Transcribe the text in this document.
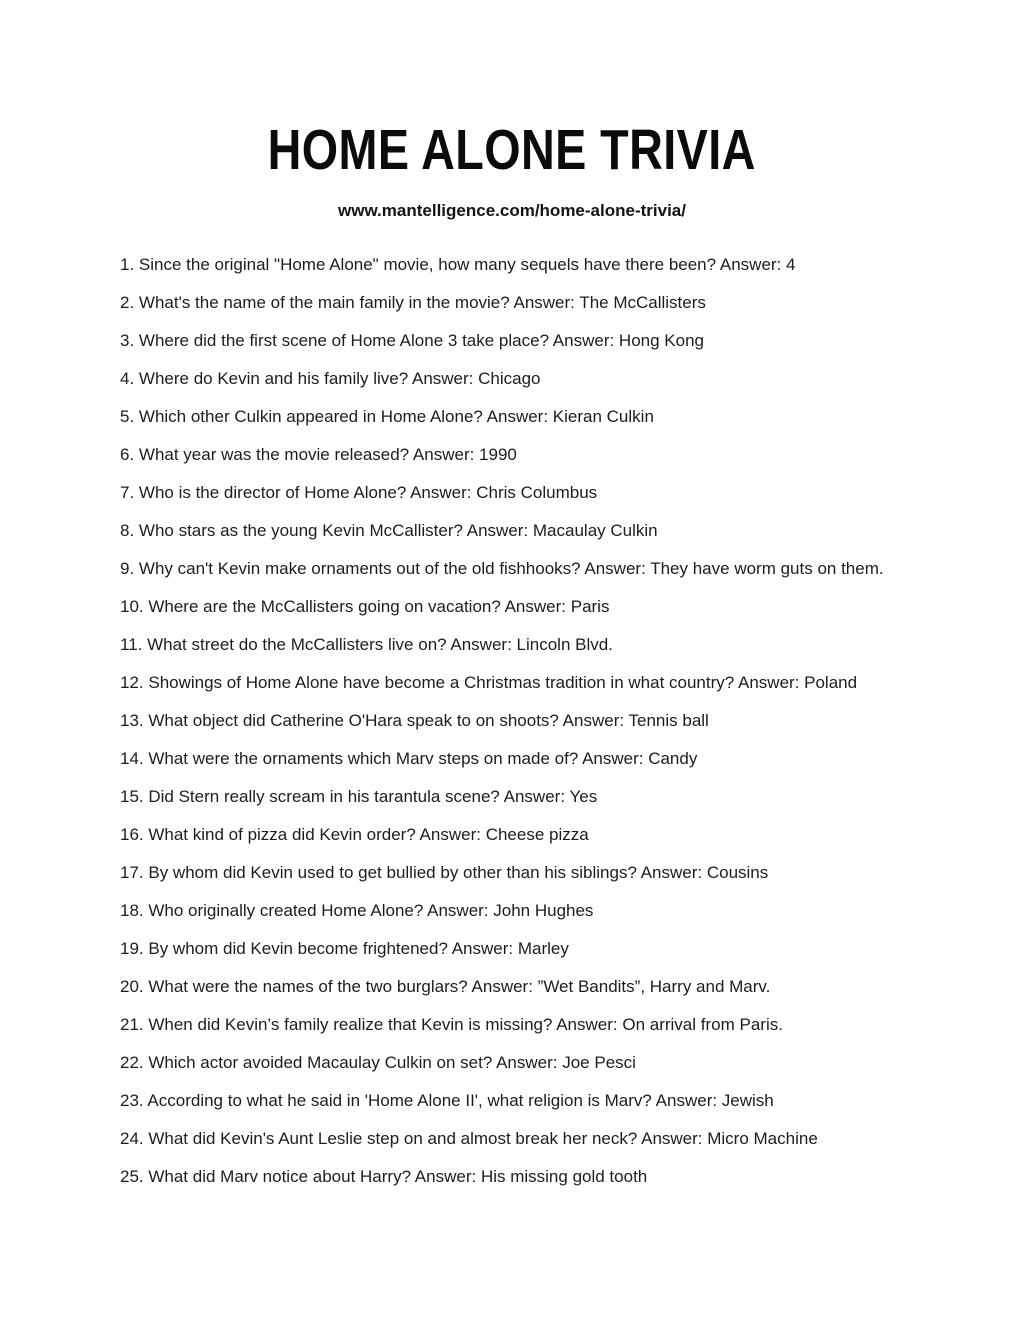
HOME ALONE TRIVIA
www.mantelligence.com/home-alone-trivia/
1. Since the original "Home Alone" movie, how many sequels have there been? Answer: 4
2. What's the name of the main family in the movie? Answer: The McCallisters
3. Where did the first scene of Home Alone 3 take place? Answer: Hong Kong
4. Where do Kevin and his family live? Answer: Chicago
5. Which other Culkin appeared in Home Alone? Answer: Kieran Culkin
6. What year was the movie released? Answer: 1990
7. Who is the director of Home Alone? Answer: Chris Columbus
8. Who stars as the young Kevin McCallister? Answer: Macaulay Culkin
9. Why can't Kevin make ornaments out of the old fishhooks? Answer: They have worm guts on them.
10. Where are the McCallisters going on vacation? Answer: Paris
11. What street do the McCallisters live on? Answer: Lincoln Blvd.
12. Showings of Home Alone have become a Christmas tradition in what country? Answer: Poland
13. What object did Catherine O'Hara speak to on shoots? Answer: Tennis ball
14. What were the ornaments which Marv steps on made of? Answer: Candy
15. Did Stern really scream in his tarantula scene? Answer: Yes
16. What kind of pizza did Kevin order? Answer: Cheese pizza
17. By whom did Kevin used to get bullied by other than his siblings? Answer: Cousins
18. Who originally created Home Alone? Answer: John Hughes
19. By whom did Kevin become frightened? Answer: Marley
20. What were the names of the two burglars? Answer: ”Wet Bandits”, Harry and Marv.
21. When did Kevin’s family realize that Kevin is missing? Answer: On arrival from Paris.
22. Which actor avoided Macaulay Culkin on set? Answer: Joe Pesci
23. According to what he said in 'Home Alone II', what religion is Marv? Answer: Jewish
24. What did Kevin's Aunt Leslie step on and almost break her neck? Answer: Micro Machine
25. What did Marv notice about Harry? Answer: His missing gold tooth
